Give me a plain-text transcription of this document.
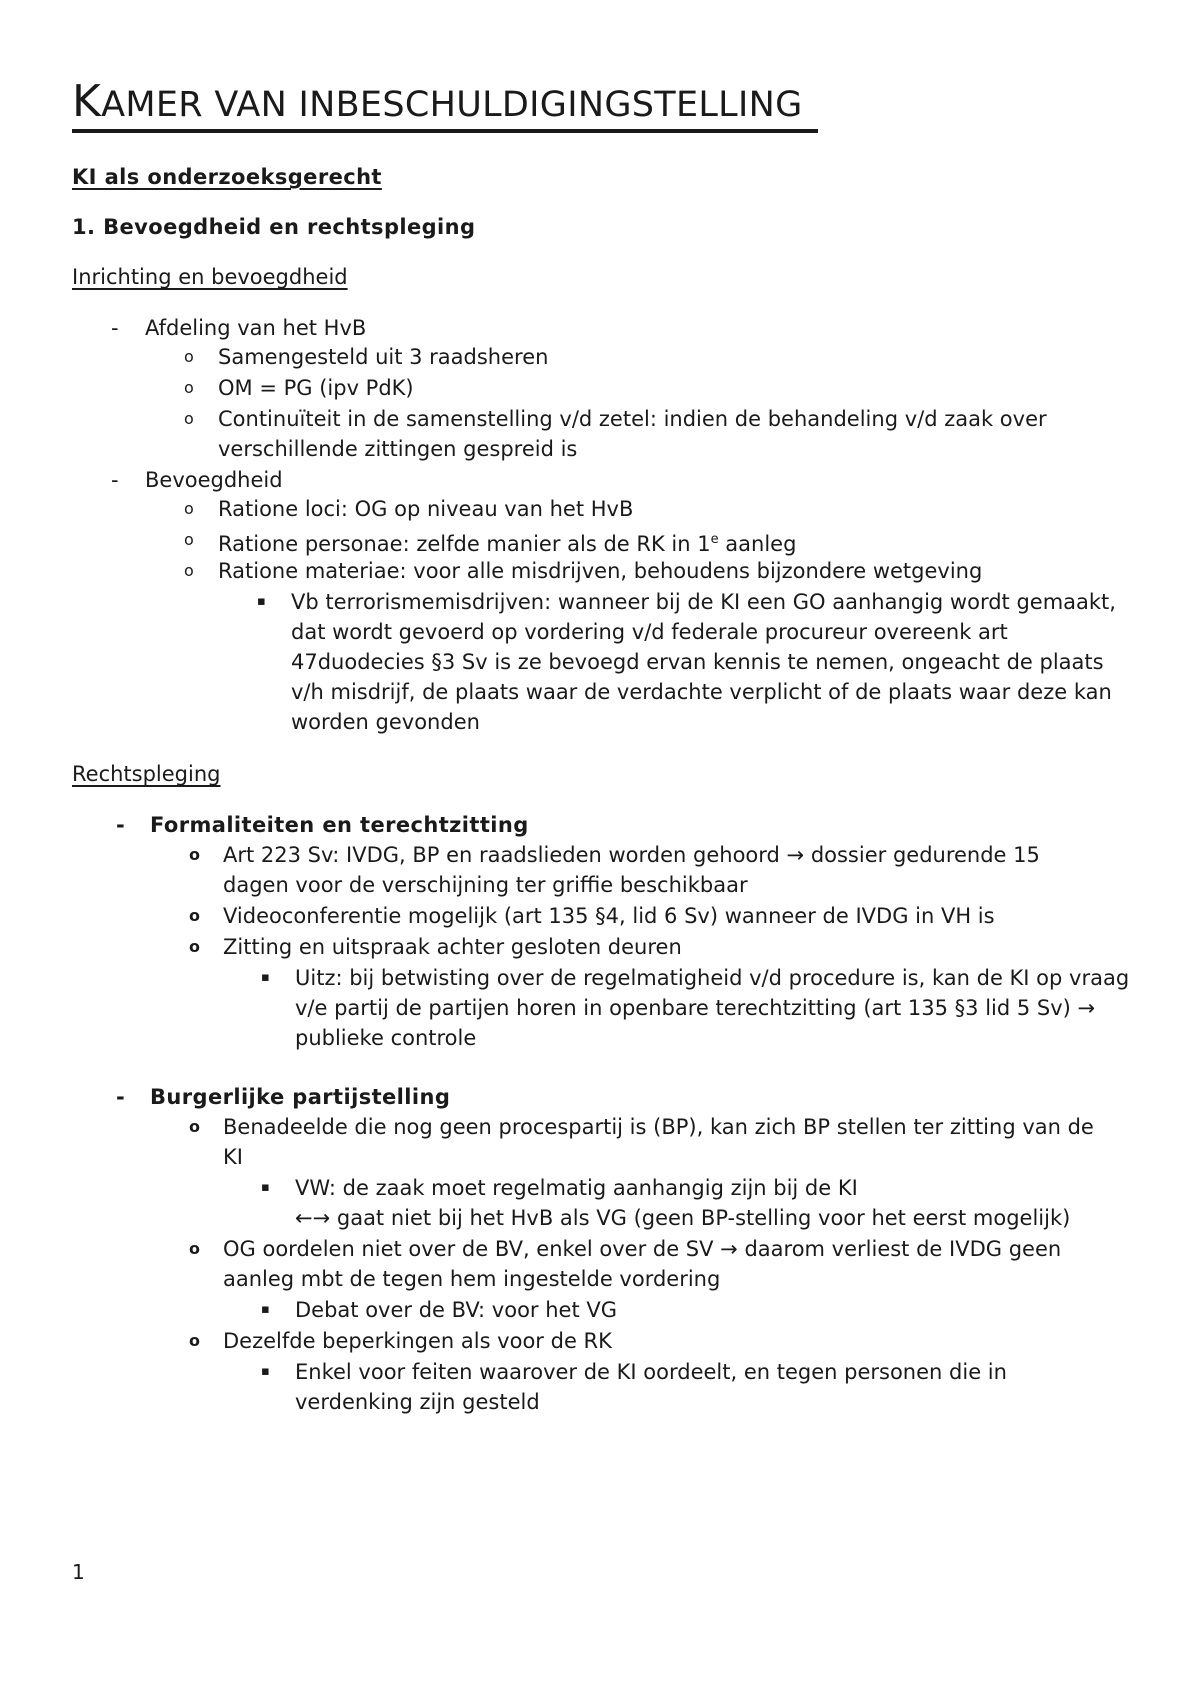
KAMER VAN INBESCHULDIGINGSTELLING
KI als onderzoeksgerecht
1. Bevoegdheid en rechtspleging
Inrichting en bevoegdheid
- Afdeling van het HvB
o Samengesteld uit 3 raadsheren
o OM = PG (ipv PdK)
o Continuïteit in de samenstelling v/d zetel: indien de behandeling v/d zaak over verschillende zittingen gespreid is
- Bevoegdheid
o Ratione loci: OG op niveau van het HvB
o Ratione personae: zelfde manier als de RK in 1e aanleg
o Ratione materiae: voor alle misdrijven, behoudens bijzondere wetgeving
▪ Vb terrorismemisdrijven: wanneer bij de KI een GO aanhangig wordt gemaakt, dat wordt gevoerd op vordering v/d federale procureur overeenk art 47duodecies §3 Sv is ze bevoegd ervan kennis te nemen, ongeacht de plaats v/h misdrijf, de plaats waar de verdachte verplicht of de plaats waar deze kan worden gevonden
Rechtspleging
- Formaliteiten en terechtzitting
o Art 223 Sv: IVDG, BP en raadslieden worden gehoord → dossier gedurende 15 dagen voor de verschijning ter griffie beschikbaar
o Videoconferentie mogelijk (art 135 §4, lid 6 Sv) wanneer de IVDG in VH is
o Zitting en uitspraak achter gesloten deuren
▪ Uitz: bij betwisting over de regelmatigheid v/d procedure is, kan de KI op vraag v/e partij de partijen horen in openbare terechtzitting (art 135 §3 lid 5 Sv) → publieke controle
- Burgerlijke partijstelling
o Benadeelde die nog geen procespartij is (BP), kan zich BP stellen ter zitting van de KI
▪ VW: de zaak moet regelmatig aanhangig zijn bij de KI
←→ gaat niet bij het HvB als VG (geen BP-stelling voor het eerst mogelijk)
o OG oordelen niet over de BV, enkel over de SV → daarom verliest de IVDG geen aanleg mbt de tegen hem ingestelde vordering
▪ Debat over de BV: voor het VG
o Dezelfde beperkingen als voor de RK
▪ Enkel voor feiten waarover de KI oordeelt, en tegen personen die in verdenking zijn gesteld
1
